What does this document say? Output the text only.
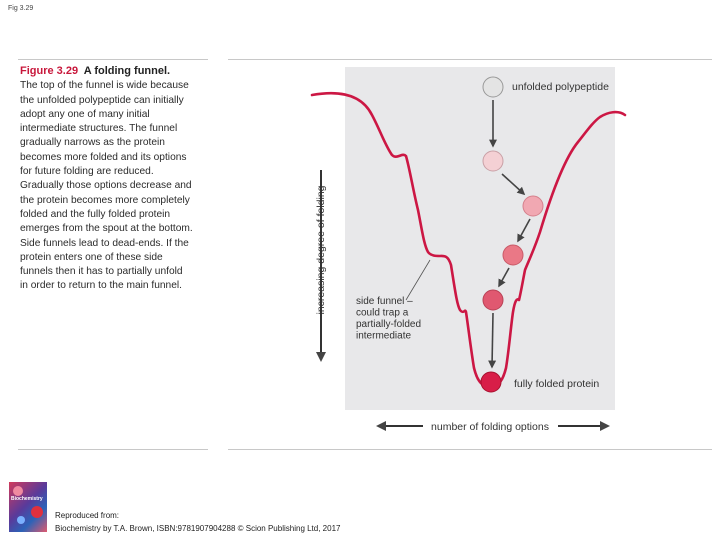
Fig 3.29
Figure 3.29 A folding funnel.
The top of the funnel is wide because
the unfolded polypeptide can initially
adopt any one of many initial
intermediate structures. The funnel
gradually narrows as the protein
becomes more folded and its options
for future folding are reduced.
Gradually those options decrease and
the protein becomes more completely
folded and the fully folded protein
emerges from the spout at the bottom.
Side funnels lead to dead-ends. If the
protein enters one of these side
funnels then it has to partially unfold
in order to return to the main funnel.
unfolded polypeptide
fully folded protein
side funnel – could trap a partially-folded intermediate
increasing degree of folding
number of folding options
Biochemistry
Reproduced from:
Biochemistry by T.A. Brown, ISBN:9781907904288 © Scion Publishing Ltd, 2017
